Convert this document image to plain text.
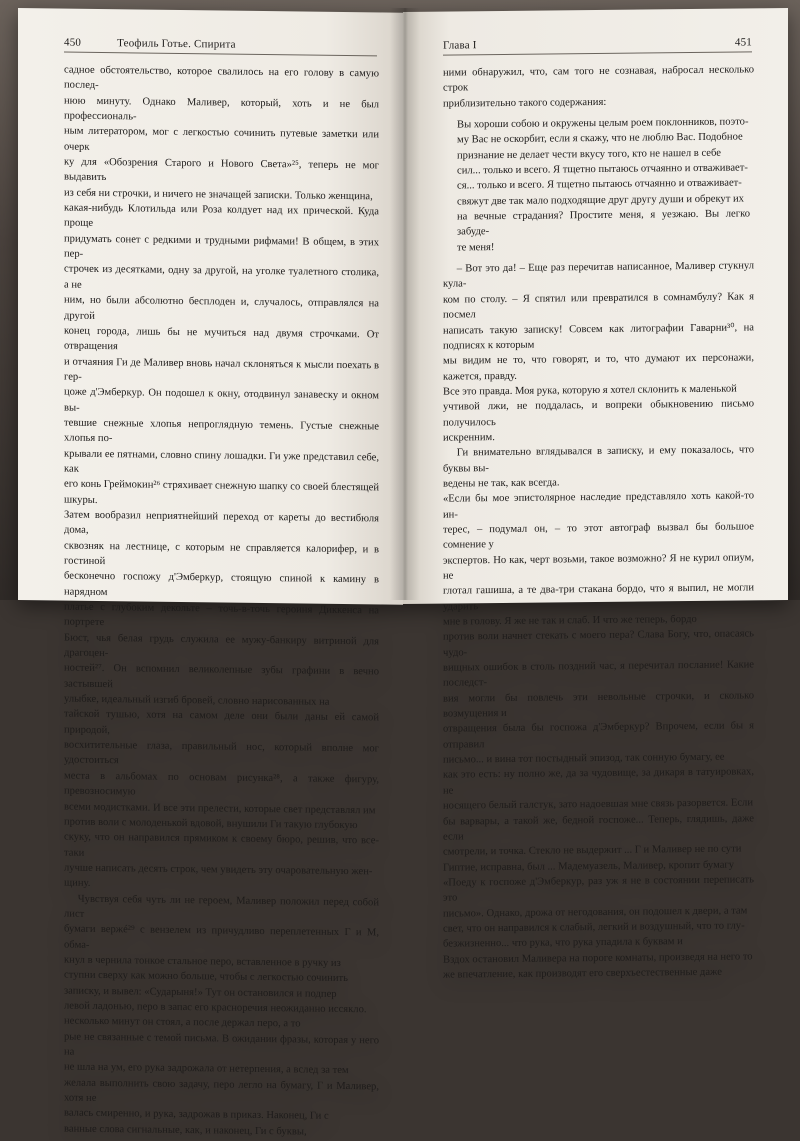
450	Теофиль Готье. Спирита

садное обстоятельство, которое свалилось на его голову в самую послед-

нюю минуту. Однако Маливер, который, хоть и не был профессиональ-

ным литератором, мог с легкостью сочинить путевые заметки или очерк

ку для «Обозрения Старого и Нового Света»²⁵, теперь не мог выдавить

из себя ни строчки, и ничего не значащей записки. Только женщина,

какая-нибудь Клотильда или Роза колдует над их прической. Куда проще

придумать сонет с редкими и трудными рифмами! В общем, в этих пер-

строчек из десятками, одну за другой, на уголке туалетного столика, а не

ним, но были абсолютно бесплоден и, случалось, отправлялся на другой

конец города, лишь бы не мучиться над двумя строчками. От отвращения

и отчаяния Ги де Маливер вновь начал склоняться к мысли поехать в гер-

цоже д'Эмберкур. Он подошел к окну, отодвинул занавеску и окном вы-

тевшие снежные хлопья непроглядную темень. Густые снежные хлопья по-

крывали ее пятнами, словно спину лошадки. Ги уже представил себе, как

его конь Греймокин²⁶ стряхивает снежную шапку со своей блестящей шкуры.

Затем вообразил неприятнейший переход от кареты до вестибюля дома,

сквозняк на лестнице, с которым не справляется калорифер, и в гостиной

бесконечно госпожу д'Эмберкур, стоящую спиной к камину в нарядном

платье с глубоким декольте – точь-в-точь героиня Диккенса на портрете

Бюст, чья белая грудь служила ее мужу-банкиру витриной для драгоцен-

ностей²⁷. Он вспомнил великолепные зубы графини в вечно застывшей

улыбке, идеальный изгиб бровей, словно нарисованных на

тайской тушью, хотя на самом деле они были даны ей самой природой,

восхитительные глаза, правильный нос, который вполне мог удостоиться

места в альбомах по основам рисунка²⁸, а также фигуру, превозносимую

всеми модистками. И все эти прелести, которые свет представлял им

против воли с молоденькой вдовой, внушили Ги такую глубокую

скуку, что он направился прямиком к своему бюро, решив, что все-таки

лучше написать десять строк, чем увидеть эту очаровательную жен-

щину.

Чувствуя себя чуть ли не героем, Маливер положил перед собой лист

бумаги вержé²⁹ с вензелем из причудливо переплетенных Г и М, обма-

кнул в чернила тонкое стальное перо, вставленное в ручку из

ступни сверху как можно больше, чтобы с легкостью сочинить

записку, и вывел: «Сударыня!» Тут он остановился и подпер

левой ладонью, перо в запас его красноречия неожиданно иссякло.

несколько минут он стоял, а после держал перо, а то

рые не связанные с темой письма. В ожидании фразы, которая у него на

не шла на ум, его рука задрожала от нетерпения, а вслед за тем

желала выполнить свою задачу, перо легло на бумагу, Г и Маливер, хотя не

валась смиренно, и рука, задрожав в приказ. Наконец, Ги с

ванные слова сигнальные, как, и наконец, Ги с буквы,

Глава I	451

ними обнаружил, что, сам того не сознавая, набросал несколько строк

приблизительно такого содержания:

Вы хороши собою и окружены целым роем поклонников, поэто-

му Вас не оскорбит, если я скажу, что не люблю Вас. Подобное

признание не делает чести вкусу того, кто не нашел в себе

сил... только и всего. Я тщетно пытаюсь отчаянно и отваживает-

ся... только и всего. Я тщетно пытаюсь отчаянно и отваживает-

свяжут две так мало подходящие друг другу души и обрекут их

на вечные страдания? Простите меня, я уезжаю. Вы легко забуде-

те меня!

– Вот это да! – Еще раз перечитав написанное, Маливер стукнул кула-

ком по столу. – Я спятил или превратился в сомнамбулу? Как я посмел

написать такую записку! Совсем как литографии Гаварни³⁰, на подписях к которым

мы видим не то, что говорят, и то, что думают их персонажи, кажется, правду.

Все это правда. Моя рука, которую я хотел склонить к маленькой

учтивой лжи, не поддалась, и вопреки обыкновению письмо получилось

искренним.

Ги внимательно вглядывался в записку, и ему показалось, что буквы вы-

ведены не так, как всегда.

«Если бы мое эпистолярное наследие представляло хоть какой-то ин-

терес, – подумал он, – то этот автограф вызвал бы большое сомнение у

экспертов. Но как, черт возьми, такое возможно? Я не курил опиум, не

глотал гашиша, а те два-три стакана бордо, что я выпил, не могли ударить

мне в голову. Я же не так и слаб. И что же теперь, бордо

против воли начнет стекать с моего пера? Слава Богу, что, опасаясь чудо-

вищных ошибок в столь поздний час, я перечитал послание! Какие последст-

вия могли бы повлечь эти невольные строчки, и сколько возмущения и

отвращения была бы госпожа д'Эмберкур? Впрочем, если бы я отправил

письмо... и вина тот постыдный эпизод, так сонную бумагу, ее

как это есть: ну полно же, да за чудовище, за дикаря в татуировках, не

носящего белый галстук, зато надоевшая мне связь разорвется. Если

бы варвары, а такой же, бедной госпоже... Теперь, глядишь, даже если

смотрели, и точка. Стекло не выдержит ... Г и Маливер не по сути

Гиптие, исправна, был ... Мадемуазель, Маливер, кропит бумагу

«Поеду к госпоже д'Эмберкур, раз уж я не в состоянии переписать это

письмо». Однако, дрожа от негодования, он подошел к двери, а там

свет, что он направился к слабый, легкий и воздушный, что то глу-

безжизненно... что рука, что рука упадила к буквам и

Вздох остановил Маливера на пороге комнаты, произведя на него то

же впечатление, как производят его сверхъестественные даже
